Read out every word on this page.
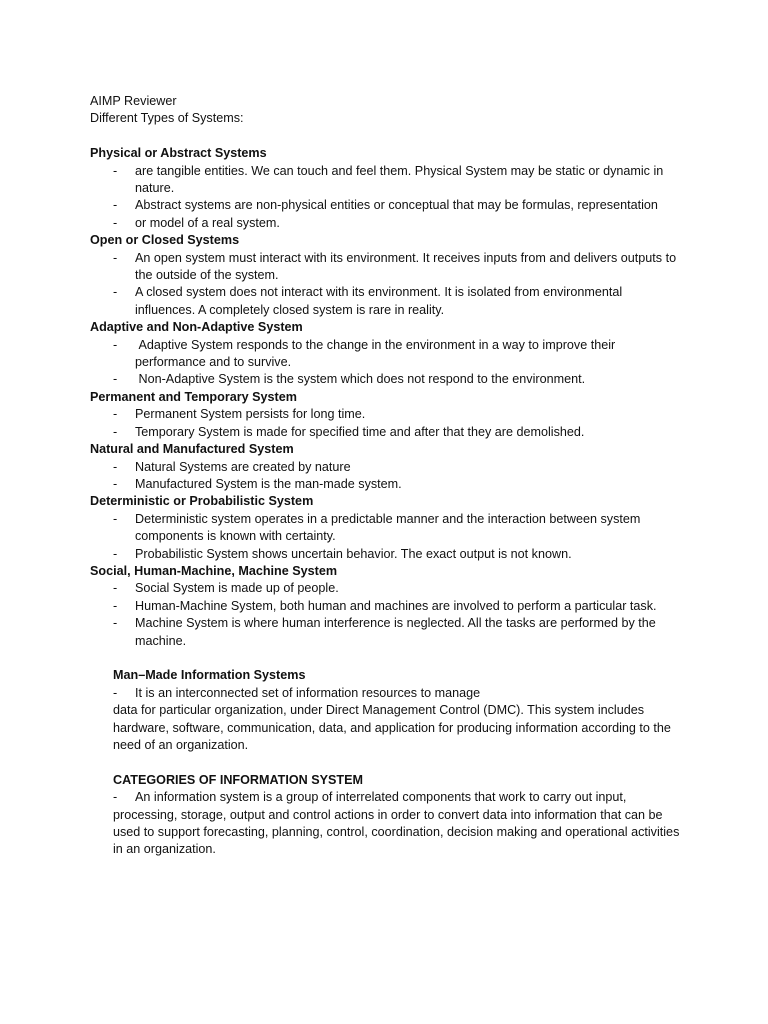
AIMP Reviewer

Different Types of Systems:

Physical or Abstract Systems

- are tangible entities. We can touch and feel them. Physical System may be static or dynamic in nature.
- Abstract systems are non-physical entities or conceptual that may be formulas, representation
- or model of a real system.

Open or Closed Systems

- An open system must interact with its environment. It receives inputs from and delivers outputs to the outside of the system.
- A closed system does not interact with its environment. It is isolated from environmental influences. A completely closed system is rare in reality.

Adaptive and Non-Adaptive System

- Adaptive System responds to the change in the environment in a way to improve their performance and to survive.
- Non-Adaptive System is the system which does not respond to the environment.

Permanent and Temporary System

- Permanent System persists for long time.
- Temporary System is made for specified time and after that they are demolished.

Natural and Manufactured System

- Natural Systems are created by nature
- Manufactured System is the man-made system.

Deterministic or Probabilistic System

- Deterministic system operates in a predictable manner and the interaction between system components is known with certainty.
- Probabilistic System shows uncertain behavior. The exact output is not known.

Social, Human-Machine, Machine System

- Social System is made up of people.
- Human-Machine System, both human and machines are involved to perform a particular task.
- Machine System is where human interference is neglected. All the tasks are performed by the machine.

Man–Made Information Systems

- It is an interconnected set of information resources to manage

data for particular organization, under Direct Management Control (DMC). This system includes hardware, software, communication, data, and application for producing information according to the need of an organization.

CATEGORIES OF INFORMATION SYSTEM

- An information system is a group of interrelated components that work to carry out input, processing, storage, output and control actions in order to convert data into information that can be used to support forecasting, planning, control, coordination, decision making and operational activities in an organization.
